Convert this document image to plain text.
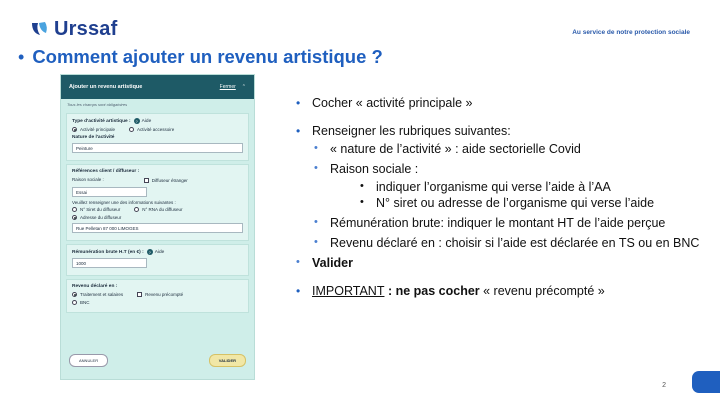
Urssaf	Au service de notre protection sociale
• Comment ajouter un revenu artistique ?
Ajouter un revenu artistique	Fermer ⌃
Tous les champs sont obligatoires
Type d'activité artistique :	? Aide
Activité principale	Activité accessoire
Nature de l'activité
Peinture
Références client / diffuseur :
Raison sociale :	Diffuseur étranger
Essai
Veuillez renseigner une des informations suivantes :
N° Siret du diffuseur	N° RNA du diffuseur
Adresse du diffuseur
Rue Pelletan 87 000 LIMOGES
Rémunération brute H.T (en €) :	? Aide
1000
Revenu déclaré en :
Traitement et salaires	Revenu précompté
BNC
ANNULER	VALIDER
• Cocher « activité principale »
• Renseigner les rubriques suivantes:
• « nature de l’activité » : aide sectorielle Covid
• Raison sociale :
• indiquer l’organisme qui verse l’aide à l’AA
• N° siret ou adresse de l’organisme qui verse l’aide
• Rémunération brute: indiquer le montant HT de l’aide perçue
• Revenu déclaré en : choisir si l’aide est déclarée en TS ou en BNC
• Valider
• IMPORTANT : ne pas cocher « revenu précompté »
2
